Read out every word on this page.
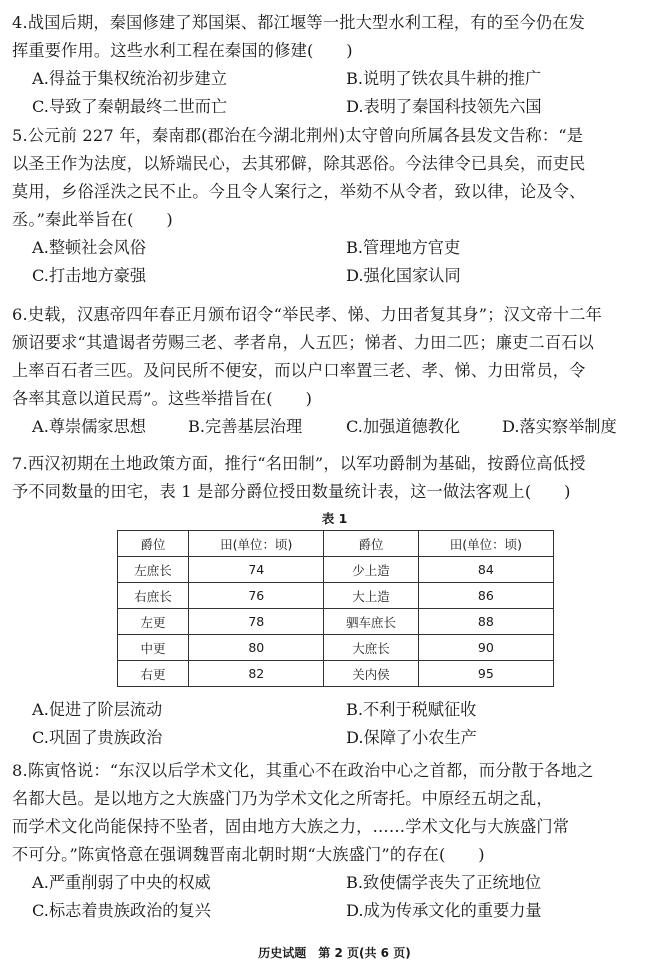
4.战国后期，秦国修建了郑国渠、都江堰等一批大型水利工程，有的至今仍在发
挥重要作用。这些水利工程在秦国的修建(　　)
A.得益于集权统治初步建立	B.说明了铁农具牛耕的推广
C.导致了秦朝最终二世而亡	D.表明了秦国科技领先六国
5.公元前 227 年，秦南郡(郡治在今湖北荆州)太守曾向所属各县发文告称：“是
以圣王作为法度，以矫端民心，去其邪僻，除其恶俗。今法律令已具矣，而吏民
莫用，乡俗淫泆之民不止。今且令人案行之，举劾不从令者，致以律，论及令、
丞。”秦此举旨在(　　)
A.整顿社会风俗	B.管理地方官吏
C.打击地方豪强	D.强化国家认同
6.史载，汉惠帝四年春正月颁布诏令“举民孝、悌、力田者复其身”；汉文帝十二年
颁诏要求“其遣谒者劳赐三老、孝者帛，人五匹；悌者、力田二匹；廉吏二百石以
上率百石者三匹。及问民所不便安，而以户口率置三老、孝、悌、力田常员，令
各率其意以道民焉”。这些举措旨在(　　)
A.尊崇儒家思想	B.完善基层治理	C.加强道德教化	D.落实察举制度
7.西汉初期在土地政策方面，推行“名田制”，以军功爵制为基础，按爵位高低授
予不同数量的田宅，表 1 是部分爵位授田数量统计表，这一做法客观上(　　)
表 1
爵位	田(单位：顷)	爵位	田(单位：顷)
左庶长	74	少上造	84
右庶长	76	大上造	86
左更	78	驷车庶长	88
中更	80	大庶长	90
右更	82	关内侯	95
A.促进了阶层流动	B.不利于税赋征收
C.巩固了贵族政治	D.保障了小农生产
8.陈寅恪说：“东汉以后学术文化，其重心不在政治中心之首都，而分散于各地之
名都大邑。是以地方之大族盛门乃为学术文化之所寄托。中原经五胡之乱，
而学术文化尚能保持不坠者，固由地方大族之力，……学术文化与大族盛门常
不可分。”陈寅恪意在强调魏晋南北朝时期“大族盛门”的存在(　　)
A.严重削弱了中央的权威	B.致使儒学丧失了正统地位
C.标志着贵族政治的复兴	D.成为传承文化的重要力量
历史试题　第 2 页(共 6 页)
